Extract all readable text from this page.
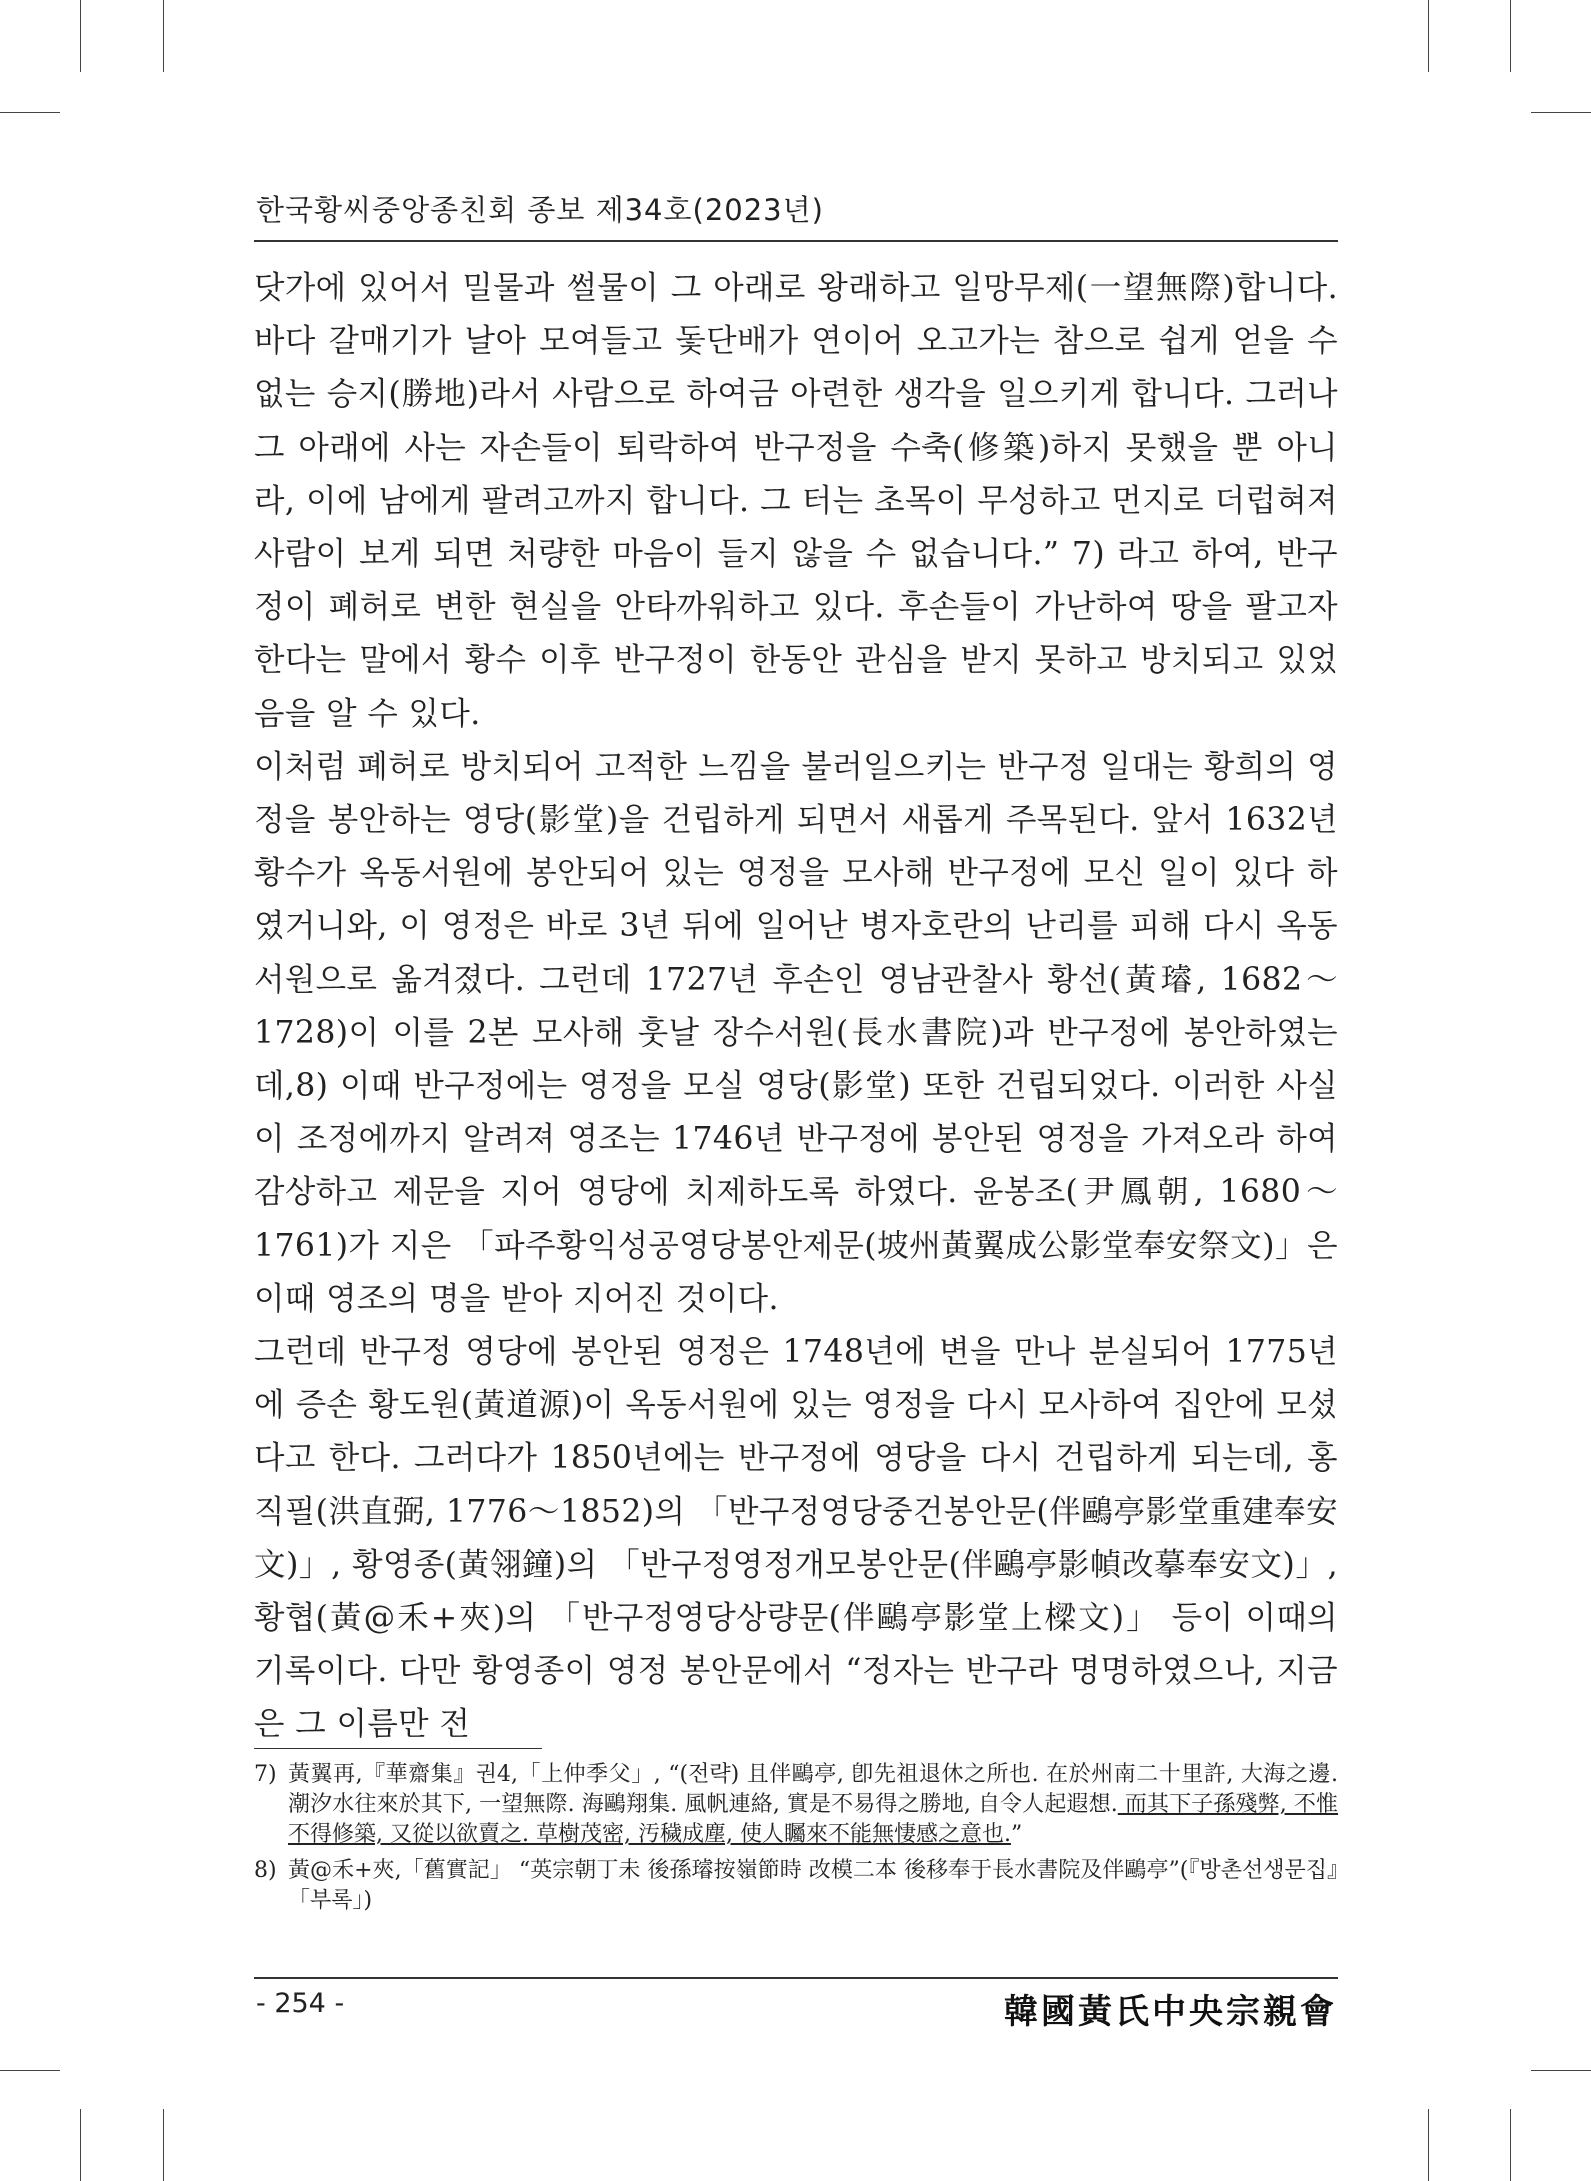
한국황씨중앙종친회 종보 제34호(2023년)

닷가에 있어서 밀물과 썰물이 그 아래로 왕래하고 일망무제(一望無際)합니다. 바다 갈매기가 날아 모여들고 돛단배가 연이어 오고가는 참으로 쉽게 얻을 수 없는 승지(勝地)라서 사람으로 하여금 아련한 생각을 일으키게 합니다. 그러나 그 아래에 사는 자손들이 퇴락하여 반구정을 수축(修築)하지 못했을 뿐 아니라, 이에 남에게 팔려고까지 합니다. 그 터는 초목이 무성하고 먼지로 더럽혀져 사람이 보게 되면 처량한 마음이 들지 않을 수 없습니다.” 7) 라고 하여, 반구정이 폐허로 변한 현실을 안타까워하고 있다. 후손들이 가난하여 땅을 팔고자 한다는 말에서 황수 이후 반구정이 한동안 관심을 받지 못하고 방치되고 있었음을 알 수 있다.

이처럼 폐허로 방치되어 고적한 느낌을 불러일으키는 반구정 일대는 황희의 영정을 봉안하는 영당(影堂)을 건립하게 되면서 새롭게 주목된다. 앞서 1632년 황수가 옥동서원에 봉안되어 있는 영정을 모사해 반구정에 모신 일이 있다 하였거니와, 이 영정은 바로 3년 뒤에 일어난 병자호란의 난리를 피해 다시 옥동서원으로 옮겨졌다. 그런데 1727년 후손인 영남관찰사 황선(黃璿, 1682～1728)이 이를 2본 모사해 훗날 장수서원(長水書院)과 반구정에 봉안하였는데,8) 이때 반구정에는 영정을 모실 영당(影堂) 또한 건립되었다. 이러한 사실이 조정에까지 알려져 영조는 1746년 반구정에 봉안된 영정을 가져오라 하여 감상하고 제문을 지어 영당에 치제하도록 하였다. 윤봉조(尹鳳朝, 1680～1761)가 지은 「파주황익성공영당봉안제문(坡州黃翼成公影堂奉安祭文)」은 이때 영조의 명을 받아 지어진 것이다.

그런데 반구정 영당에 봉안된 영정은 1748년에 변을 만나 분실되어 1775년에 증손 황도원(黃道源)이 옥동서원에 있는 영정을 다시 모사하여 집안에 모셨다고 한다. 그러다가 1850년에는 반구정에 영당을 다시 건립하게 되는데, 홍직필(洪直弼, 1776～1852)의 「반구정영당중건봉안문(伴鷗亭影堂重建奉安文)」, 황영종(黃翎鐘)의 「반구정영정개모봉안문(伴鷗亭影幀改摹奉安文)」, 황협(黃@禾+夾)의 「반구정영당상량문(伴鷗亭影堂上樑文)」 등이 이때의 기록이다. 다만 황영종이 영정 봉안문에서 “정자는 반구라 명명하였으나, 지금은 그 이름만 전

7) 黃翼再,『華齋集』권4,「上仲季父」, “(전략) 且伴鷗亭, 卽先祖退休之所也. 在於州南二十里許, 大海之邊. 潮汐水往來於其下, 一望無際. 海鷗翔集. 風帆連絡, 實是不易得之勝地, 自令人起遐想. 而其下子孫殘弊, 不惟不得修築, 又從以欲賣之. 草樹茂密, 汚穢成塵, 使人矚來不能無悽感之意也.”
8) 黃@禾+夾,「舊實記」 “英宗朝丁未 後孫璿按嶺節時 改模二本 後移奉于長水書院及伴鷗亭”(『방촌선생문집』「부록」)
- 254 -	韓國黃氏中央宗親會
